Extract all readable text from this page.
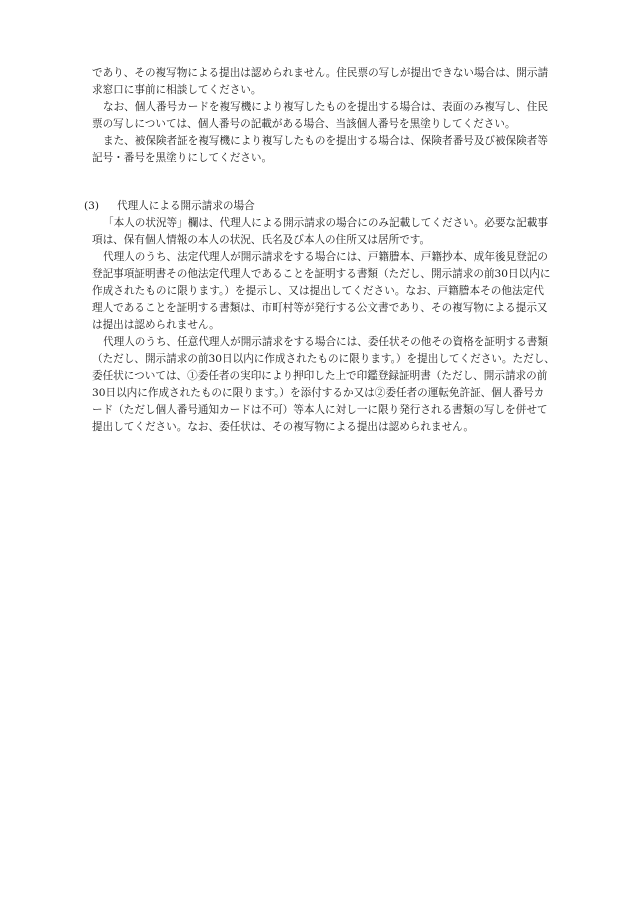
であり、その複写物による提出は認められません。住民票の写しが提出できない場合は、開示請
求窓口に事前に相談してください。
なお、個人番号カードを複写機により複写したものを提出する場合は、表面のみ複写し、住民
票の写しについては、個人番号の記載がある場合、当該個人番号を黒塗りしてください。
また、被保険者証を複写機により複写したものを提出する場合は、保険者番号及び被保険者等
記号・番号を黒塗りにしてください。
(3) 代理人による開示請求の場合
「本人の状況等」欄は、代理人による開示請求の場合にのみ記載してください。必要な記載事
項は、保有個人情報の本人の状況、氏名及び本人の住所又は居所です。
代理人のうち、法定代理人が開示請求をする場合には、戸籍謄本、戸籍抄本、成年後見登記の
登記事項証明書その他法定代理人であることを証明する書類（ただし、開示請求の前30日以内に
作成されたものに限ります。）を提示し、又は提出してください。なお、戸籍謄本その他法定代
理人であることを証明する書類は、市町村等が発行する公文書であり、その複写物による提示又
は提出は認められません。
代理人のうち、任意代理人が開示請求をする場合には、委任状その他その資格を証明する書類
（ただし、開示請求の前30日以内に作成されたものに限ります。）を提出してください。ただし、
委任状については、①委任者の実印により押印した上で印鑑登録証明書（ただし、開示請求の前
30日以内に作成されたものに限ります。）を添付するか又は②委任者の運転免許証、個人番号カ
ード（ただし個人番号通知カードは不可）等本人に対し一に限り発行される書類の写しを併せて
提出してください。なお、委任状は、その複写物による提出は認められません。
